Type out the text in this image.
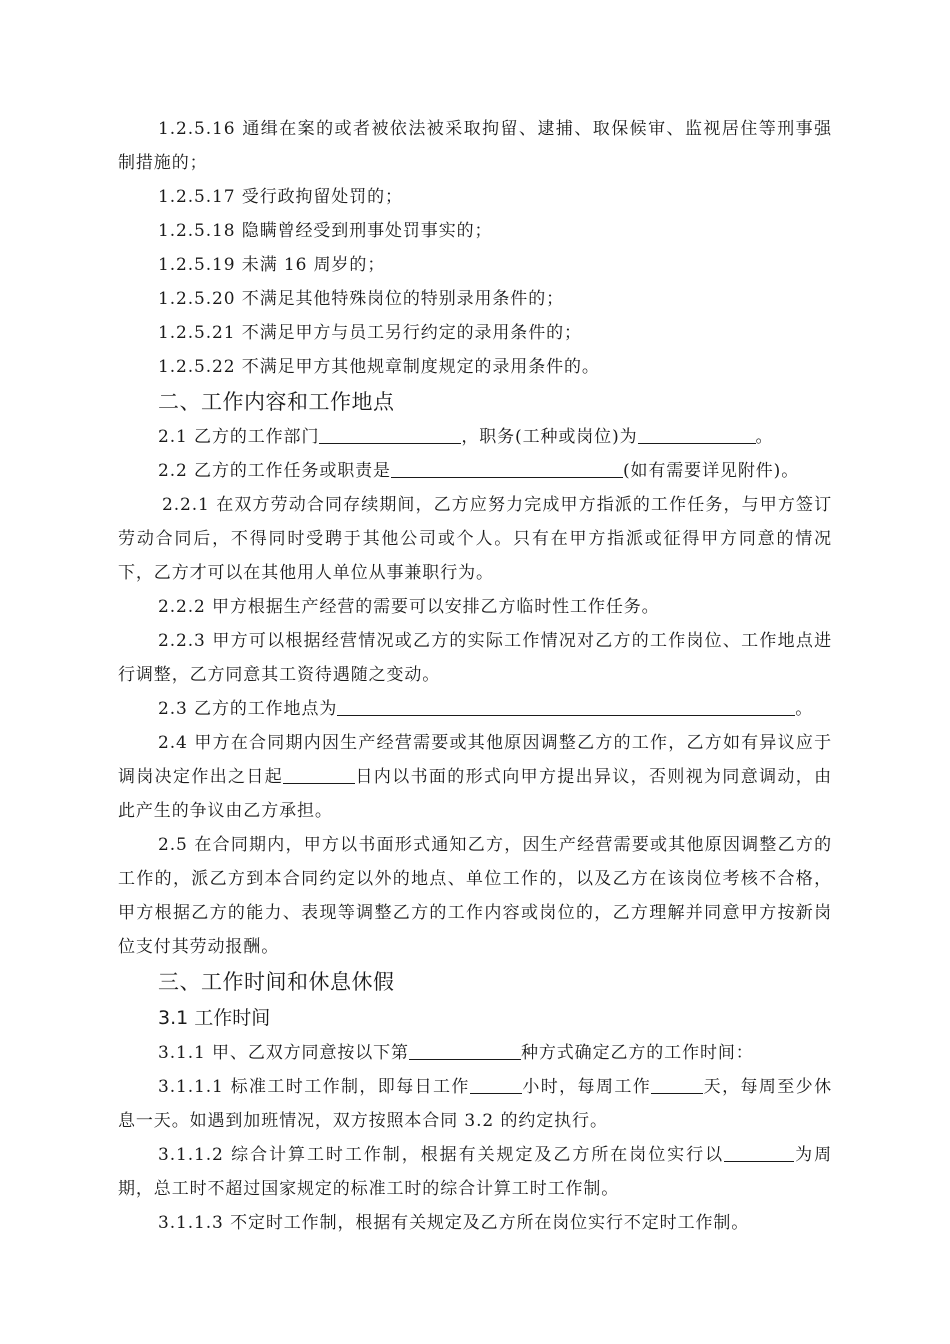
1.2.5.16 通缉在案的或者被依法被采取拘留、逮捕、取保候审、监视居住等刑事强制措施的；

1.2.5.17 受行政拘留处罚的；

1.2.5.18 隐瞒曾经受到刑事处罚事实的；

1.2.5.19 未满 16 周岁的；

1.2.5.20 不满足其他特殊岗位的特别录用条件的；

1.2.5.21 不满足甲方与员工另行约定的录用条件的；

1.2.5.22 不满足甲方其他规章制度规定的录用条件的。

二、工作内容和工作地点

2.1 乙方的工作部门	，职务(工种或岗位)为	。

2.2 乙方的工作任务或职责是	(如有需要详见附件)。

2.2.1 在双方劳动合同存续期间，乙方应努力完成甲方指派的工作任务，与甲方签订劳动合同后，不得同时受聘于其他公司或个人。只有在甲方指派或征得甲方同意的情况下，乙方才可以在其他用人单位从事兼职行为。

2.2.2 甲方根据生产经营的需要可以安排乙方临时性工作任务。

2.2.3 甲方可以根据经营情况或乙方的实际工作情况对乙方的工作岗位、工作地点进行调整，乙方同意其工资待遇随之变动。

2.3 乙方的工作地点为	。

2.4 甲方在合同期内因生产经营需要或其他原因调整乙方的工作，乙方如有异议应于调岗决定作出之日起	日内以书面的形式向甲方提出异议，否则视为同意调动，由此产生的争议由乙方承担。

2.5 在合同期内，甲方以书面形式通知乙方，因生产经营需要或其他原因调整乙方的工作的，派乙方到本合同约定以外的地点、单位工作的，以及乙方在该岗位考核不合格，甲方根据乙方的能力、表现等调整乙方的工作内容或岗位的，乙方理解并同意甲方按新岗位支付其劳动报酬。

三、工作时间和休息休假

3.1 工作时间

3.1.1 甲、乙双方同意按以下第	种方式确定乙方的工作时间：

3.1.1.1 标准工时工作制，即每日工作	小时，每周工作	天，每周至少休息一天。如遇到加班情况，双方按照本合同 3.2 的约定执行。

3.1.1.2 综合计算工时工作制，根据有关规定及乙方所在岗位实行以	为周期，总工时不超过国家规定的标准工时的综合计算工时工作制。

3.1.1.3 不定时工作制，根据有关规定及乙方所在岗位实行不定时工作制。
